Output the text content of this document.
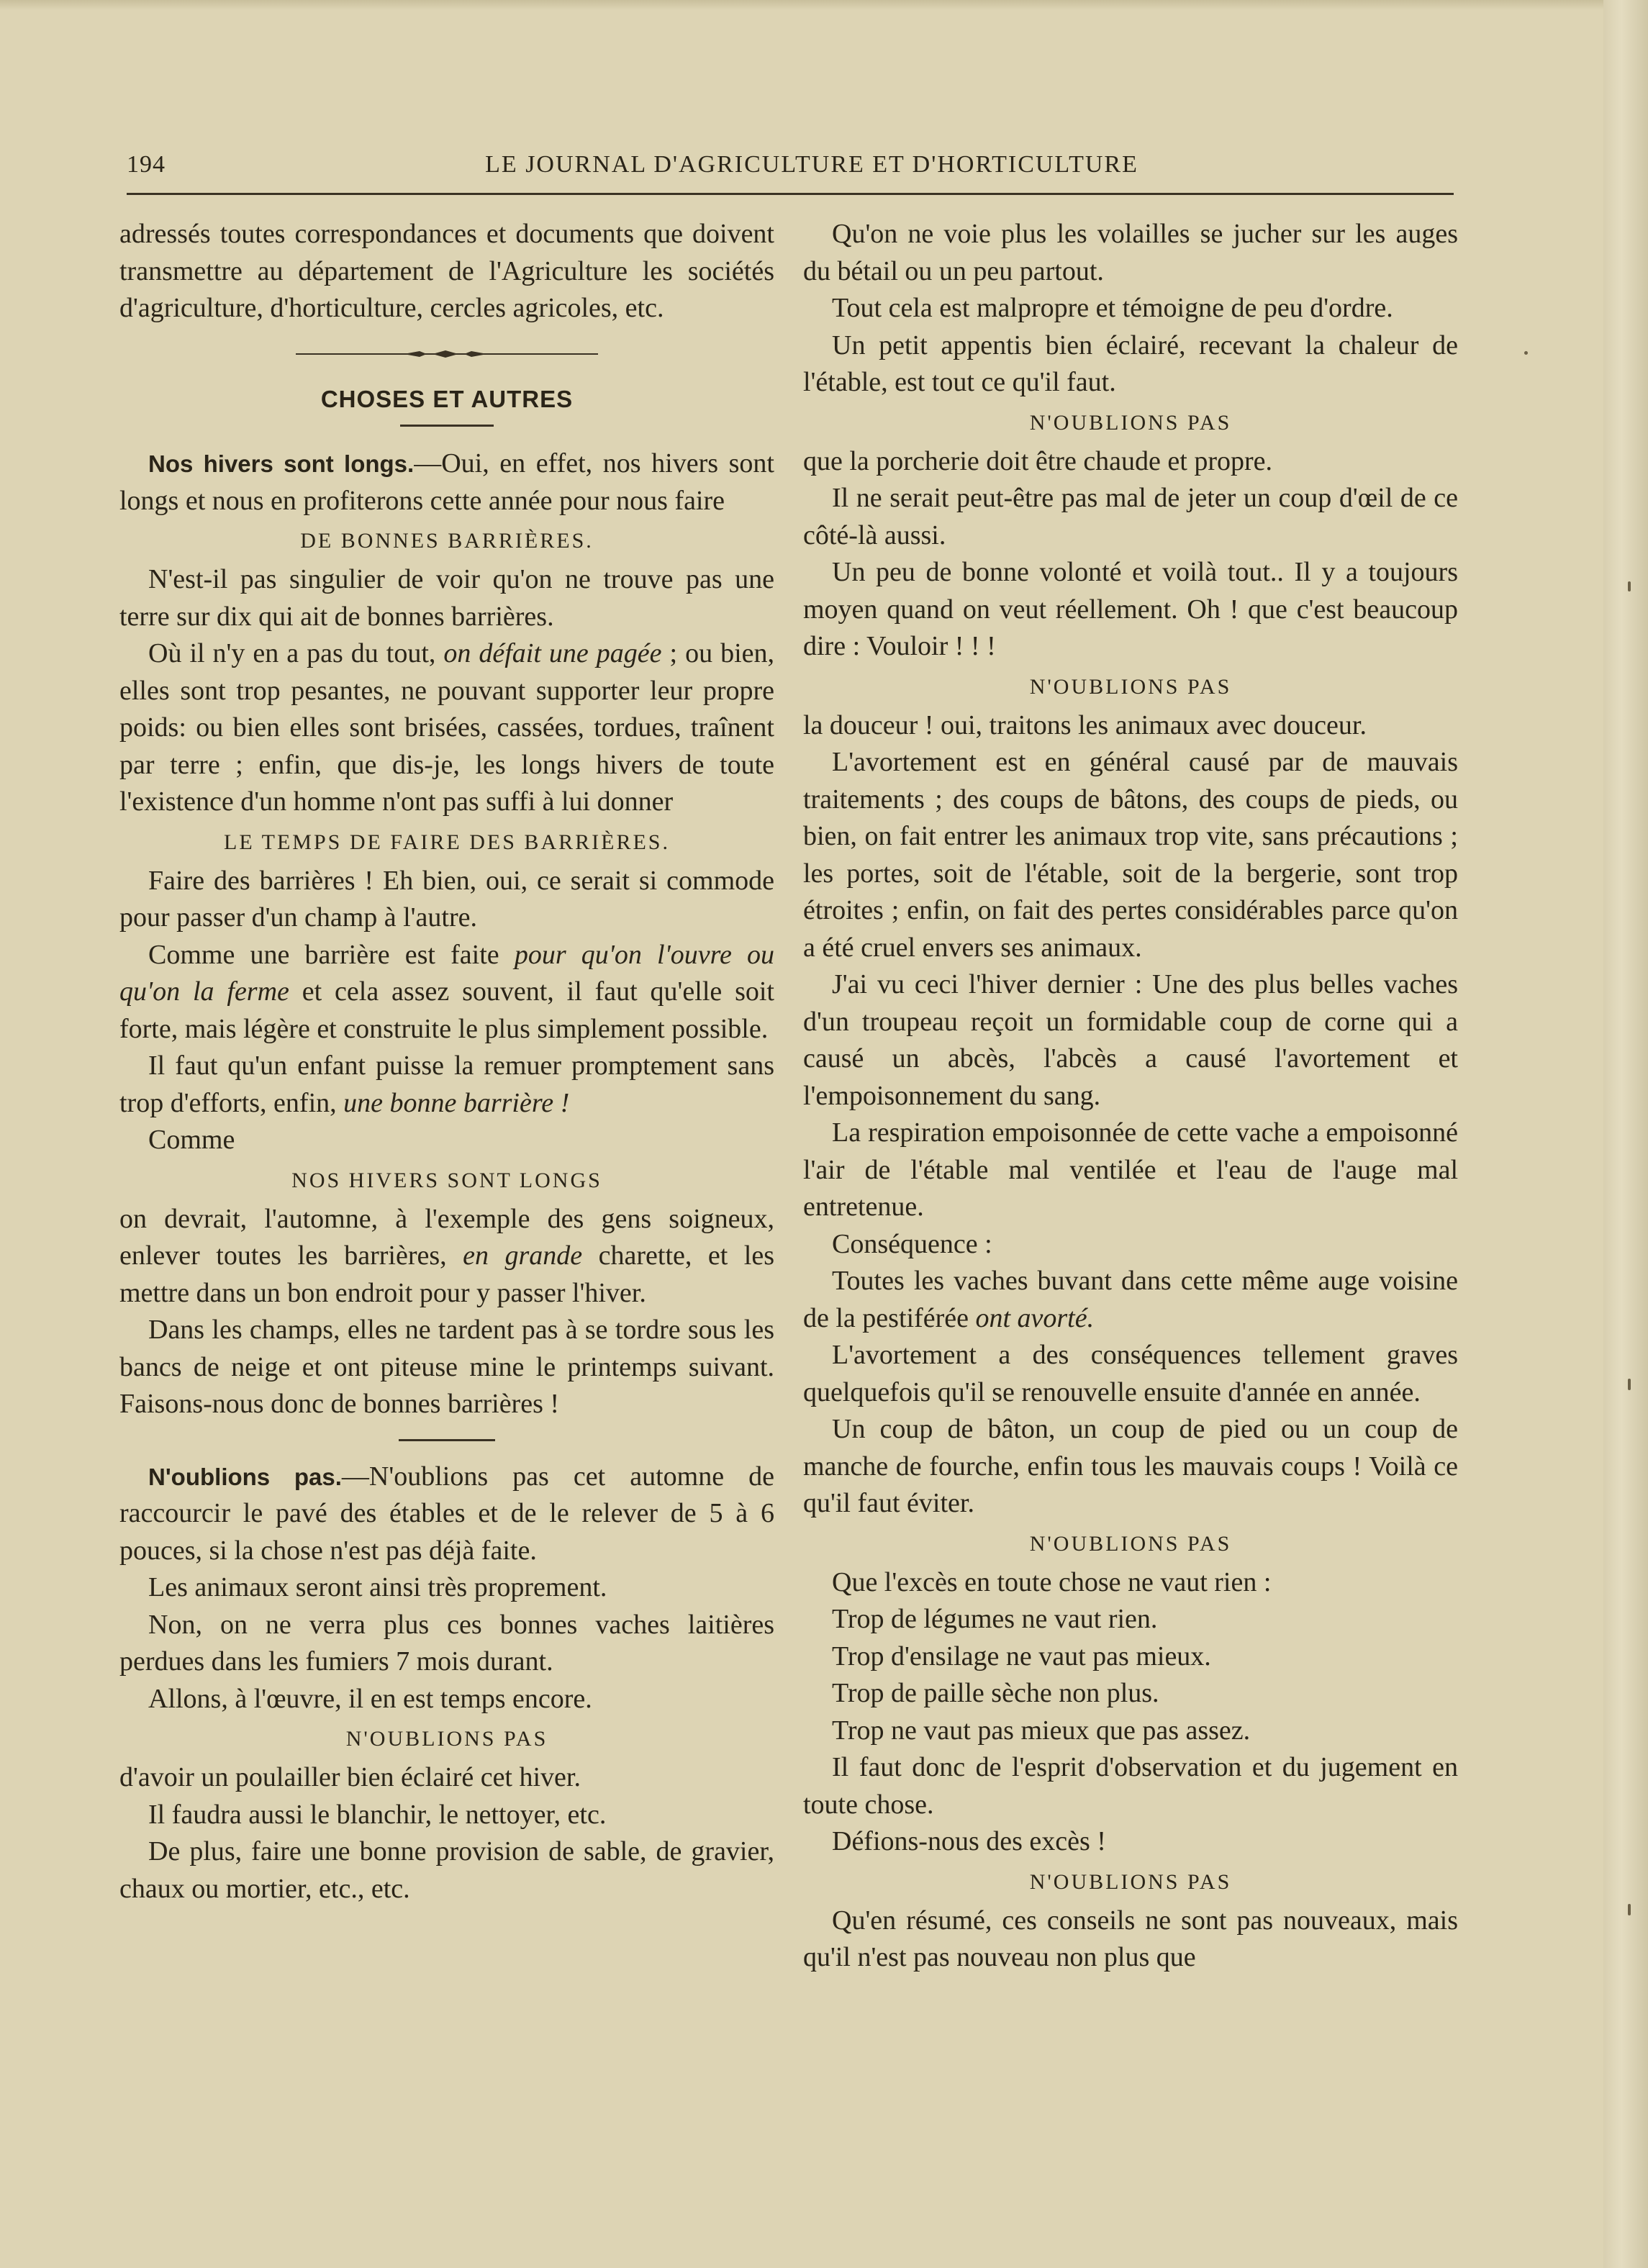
194	LE JOURNAL D'AGRICULTURE ET D'HORTICULTURE

adressés toutes correspondances et documents que doivent transmettre au département de l'Agriculture les sociétés d'agriculture, d'horticulture, cercles agricoles, etc.

CHOSES ET AUTRES

Nos hivers sont longs.—Oui, en effet, nos hivers sont longs et nous en profiterons cette année pour nous faire

DE BONNES BARRIÈRES.

N'est-il pas singulier de voir qu'on ne trouve pas une terre sur dix qui ait de bonnes barrières.

Où il n'y en a pas du tout, on défait une pagée ; ou bien, elles sont trop pesantes, ne pouvant supporter leur propre poids: ou bien elles sont brisées, cassées, tordues, traînent par terre ; enfin, que dis-je, les longs hivers de toute l'existence d'un homme n'ont pas suffi à lui donner

LE TEMPS DE FAIRE DES BARRIÈRES.

Faire des barrières ! Eh bien, oui, ce serait si commode pour passer d'un champ à l'autre.

Comme une barrière est faite pour qu'on l'ouvre ou qu'on la ferme et cela assez souvent, il faut qu'elle soit forte, mais légère et construite le plus simplement possible.

Il faut qu'un enfant puisse la remuer promptement sans trop d'efforts, enfin, une bonne barrière !

Comme

NOS HIVERS SONT LONGS

on devrait, l'automne, à l'exemple des gens soigneux, enlever toutes les barrières, en grande charette, et les mettre dans un bon endroit pour y passer l'hiver.

Dans les champs, elles ne tardent pas à se tordre sous les bancs de neige et ont piteuse mine le printemps suivant. Faisons-nous donc de bonnes barrières !

N'oublions pas.—N'oublions pas cet automne de raccourcir le pavé des étables et de le relever de 5 à 6 pouces, si la chose n'est pas déjà faite.

Les animaux seront ainsi très proprement.

Non, on ne verra plus ces bonnes vaches laitières perdues dans les fumiers 7 mois durant.

Allons, à l'œuvre, il en est temps encore.

N'OUBLIONS PAS

d'avoir un poulailler bien éclairé cet hiver.

Il faudra aussi le blanchir, le nettoyer, etc.

De plus, faire une bonne provision de sable, de gravier, chaux ou mortier, etc., etc.

Qu'on ne voie plus les volailles se jucher sur les auges du bétail ou un peu partout.

Tout cela est malpropre et témoigne de peu d'ordre.

Un petit appentis bien éclairé, recevant la chaleur de l'étable, est tout ce qu'il faut.

N'OUBLIONS PAS

que la porcherie doit être chaude et propre.

Il ne serait peut-être pas mal de jeter un coup d'œil de ce côté-là aussi.

Un peu de bonne volonté et voilà tout.. Il y a toujours moyen quand on veut réellement. Oh ! que c'est beaucoup dire : Vouloir ! ! !

N'OUBLIONS PAS

la douceur ! oui, traitons les animaux avec douceur.

L'avortement est en général causé par de mauvais traitements ; des coups de bâtons, des coups de pieds, ou bien, on fait entrer les animaux trop vite, sans précautions ; les portes, soit de l'étable, soit de la bergerie, sont trop étroites ; enfin, on fait des pertes considérables parce qu'on a été cruel envers ses animaux.

J'ai vu ceci l'hiver dernier : Une des plus belles vaches d'un troupeau reçoit un formidable coup de corne qui a causé un abcès, l'abcès a causé l'avortement et l'empoisonnement du sang.

La respiration empoisonnée de cette vache a empoisonné l'air de l'étable mal ventilée et l'eau de l'auge mal entretenue.

Conséquence :

Toutes les vaches buvant dans cette même auge voisine de la pestiférée ont avorté.

L'avortement a des conséquences tellement graves quelquefois qu'il se renouvelle ensuite d'année en année.

Un coup de bâton, un coup de pied ou un coup de manche de fourche, enfin tous les mauvais coups ! Voilà ce qu'il faut éviter.

N'OUBLIONS PAS

Que l'excès en toute chose ne vaut rien :

Trop de légumes ne vaut rien.

Trop d'ensilage ne vaut pas mieux.

Trop de paille sèche non plus.

Trop ne vaut pas mieux que pas assez.

Il faut donc de l'esprit d'observation et du jugement en toute chose.

Défions-nous des excès !

N'OUBLIONS PAS

Qu'en résumé, ces conseils ne sont pas nouveaux, mais qu'il n'est pas nouveau non plus que
